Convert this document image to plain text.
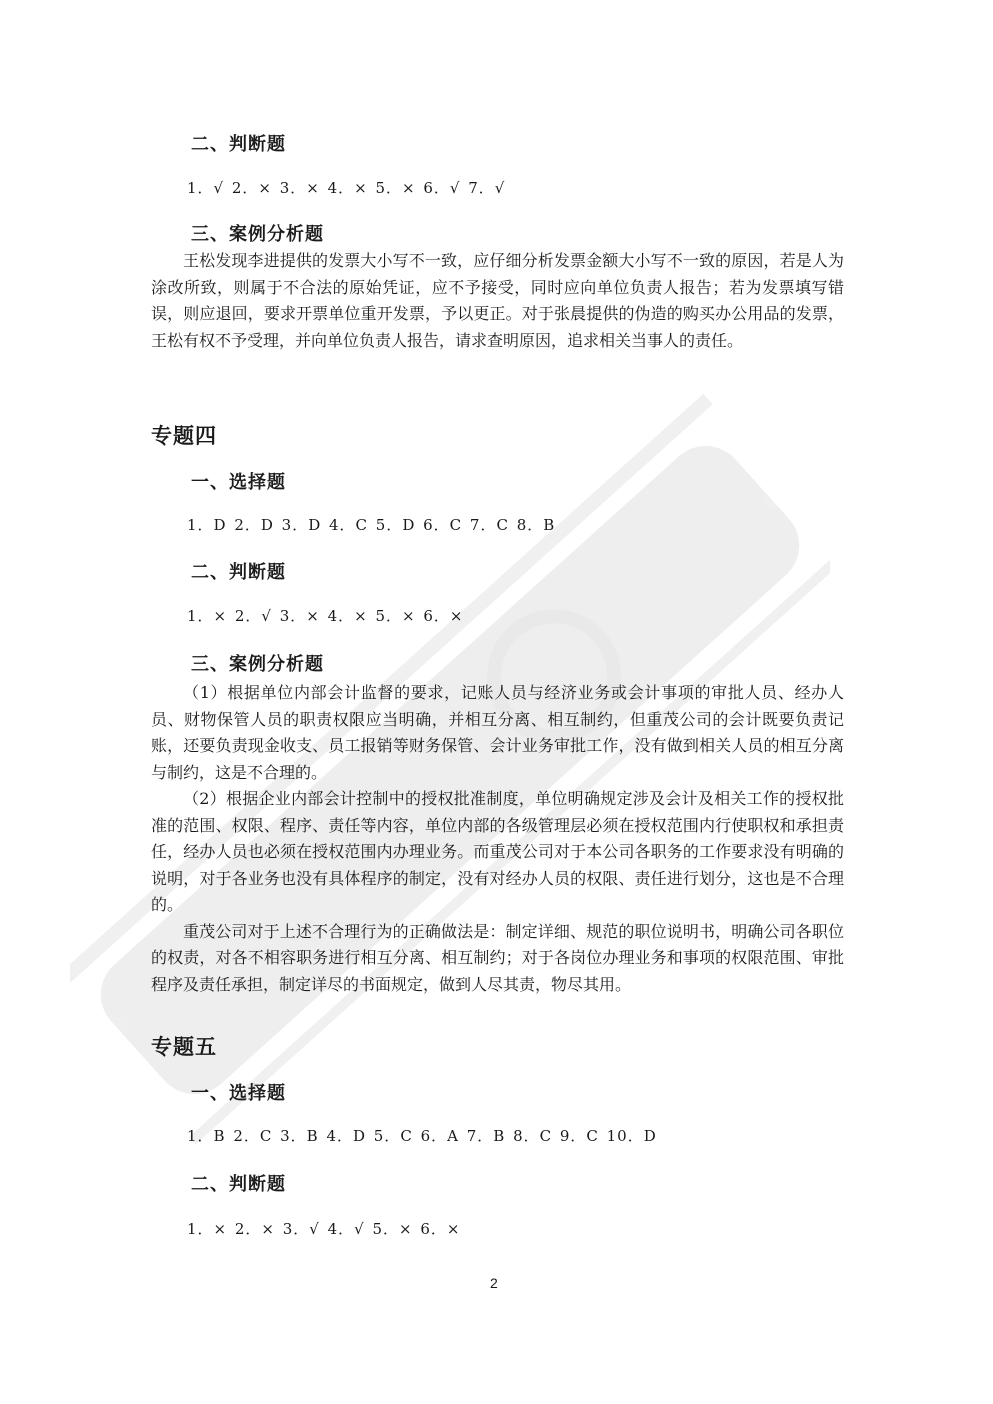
二、判断题
1．√ 2．× 3．× 4．× 5．× 6．√ 7．√
三、案例分析题

王松发现李进提供的发票大小写不一致，应仔细分析发票金额大小写不一致的原因，若是人为涂改所致，则属于不合法的原始凭证，应不予接受，同时应向单位负责人报告；若为发票填写错误，则应退回，要求开票单位重开发票，予以更正。对于张晨提供的伪造的购买办公用品的发票，王松有权不予受理，并向单位负责人报告，请求查明原因，追求相关当事人的责任。

专题四
一、选择题
1．D 2．D 3．D 4．C 5．D 6．C 7．C 8．B
二、判断题
1．× 2．√ 3．× 4．× 5．× 6．×
三、案例分析题

（1）根据单位内部会计监督的要求，记账人员与经济业务或会计事项的审批人员、经办人员、财物保管人员的职责权限应当明确，并相互分离、相互制约，但重茂公司的会计既要负责记账，还要负责现金收支、员工报销等财务保管、会计业务审批工作，没有做到相关人员的相互分离与制约，这是不合理的。

（2）根据企业内部会计控制中的授权批准制度，单位明确规定涉及会计及相关工作的授权批准的范围、权限、程序、责任等内容，单位内部的各级管理层必须在授权范围内行使职权和承担责任，经办人员也必须在授权范围内办理业务。而重茂公司对于本公司各职务的工作要求没有明确的说明，对于各业务也没有具体程序的制定，没有对经办人员的权限、责任进行划分，这也是不合理的。

重茂公司对于上述不合理行为的正确做法是：制定详细、规范的职位说明书，明确公司各职位的权责，对各不相容职务进行相互分离、相互制约；对于各岗位办理业务和事项的权限范围、审批程序及责任承担，制定详尽的书面规定，做到人尽其责，物尽其用。

专题五
一、选择题
1．B 2．C 3．B 4．D 5．C 6．A 7．B 8．C 9．C 10．D
二、判断题
1．× 2．× 3．√ 4．√ 5．× 6．×
2
